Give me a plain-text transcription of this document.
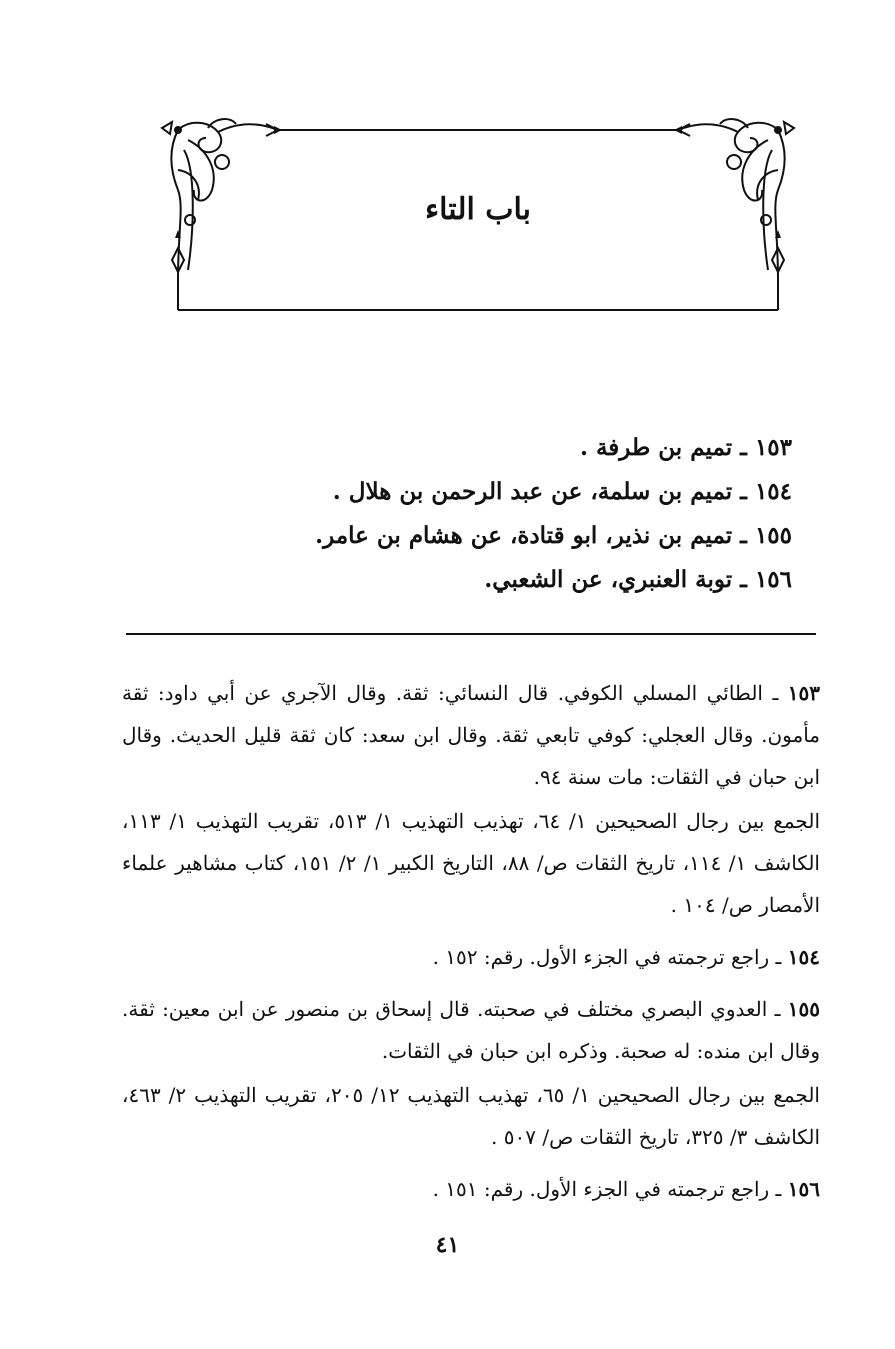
باب التاء
١٥٣ ـ تميم بن طرفة .
١٥٤ ـ تميم بن سلمة، عن عبد الرحمن بن هلال .
١٥٥ ـ تميم بن نذير، ابو قتادة، عن هشام بن عامر.
١٥٦ ـ توبة العنبري، عن الشعبي.

١٥٣ ـ الطائي المسلي الكوفي. قال النسائي: ثقة. وقال الآجري عن أبي داود: ثقة مأمون. وقال العجلي: كوفي تابعي ثقة. وقال ابن سعد: كان ثقة قليل الحديث. وقال ابن حبان في الثقات: مات سنة ٩٤.

الجمع بين رجال الصحيحين ١/ ٦٤، تهذيب التهذيب ١/ ٥١٣، تقريب التهذيب ١/ ١١٣، الكاشف ١/ ١١٤، تاريخ الثقات ص/ ٨٨، التاريخ الكبير ١/ ٢/ ١٥١، كتاب مشاهير علماء الأمصار ص/ ١٠٤ .

١٥٤ ـ راجع ترجمته في الجزء الأول. رقم: ١٥٢ .

١٥٥ ـ العدوي البصري مختلف في صحبته. قال إسحاق بن منصور عن ابن معين: ثقة. وقال ابن منده: له صحبة. وذكره ابن حبان في الثقات.

الجمع بين رجال الصحيحين ١/ ٦٥، تهذيب التهذيب ١٢/ ٢٠٥، تقريب التهذيب ٢/ ٤٦٣، الكاشف ٣/ ٣٢٥، تاريخ الثقات ص/ ٥٠٧ .

١٥٦ ـ راجع ترجمته في الجزء الأول. رقم: ١٥١ .

٤١
